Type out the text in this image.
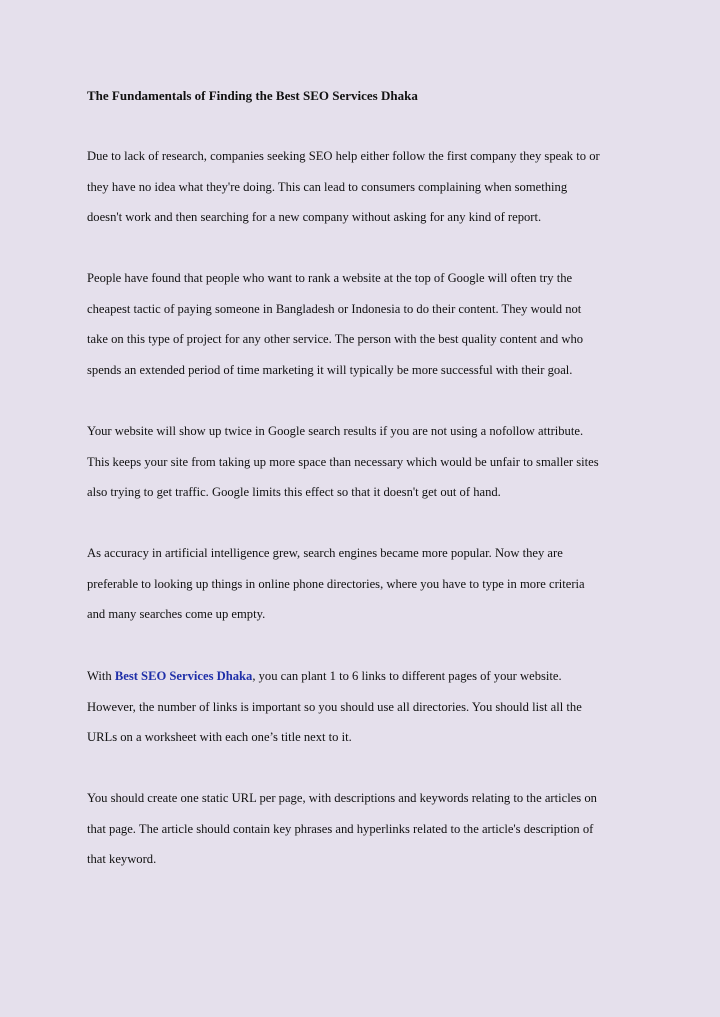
The Fundamentals of Finding the Best SEO Services Dhaka

Due to lack of research, companies seeking SEO help either follow the first company they speak to or
they have no idea what they're doing. This can lead to consumers complaining when something
doesn't work and then searching for a new company without asking for any kind of report.

People have found that people who want to rank a website at the top of Google will often try the
cheapest tactic of paying someone in Bangladesh or Indonesia to do their content. They would not
take on this type of project for any other service. The person with the best quality content and who
spends an extended period of time marketing it will typically be more successful with their goal.

Your website will show up twice in Google search results if you are not using a nofollow attribute.
This keeps your site from taking up more space than necessary which would be unfair to smaller sites
also trying to get traffic. Google limits this effect so that it doesn't get out of hand.

As accuracy in artificial intelligence grew, search engines became more popular. Now they are
preferable to looking up things in online phone directories, where you have to type in more criteria
and many searches come up empty.

With Best SEO Services Dhaka, you can plant 1 to 6 links to different pages of your website.
However, the number of links is important so you should use all directories. You should list all the
URLs on a worksheet with each one’s title next to it.

You should create one static URL per page, with descriptions and keywords relating to the articles on
that page. The article should contain key phrases and hyperlinks related to the article's description of
that keyword.
